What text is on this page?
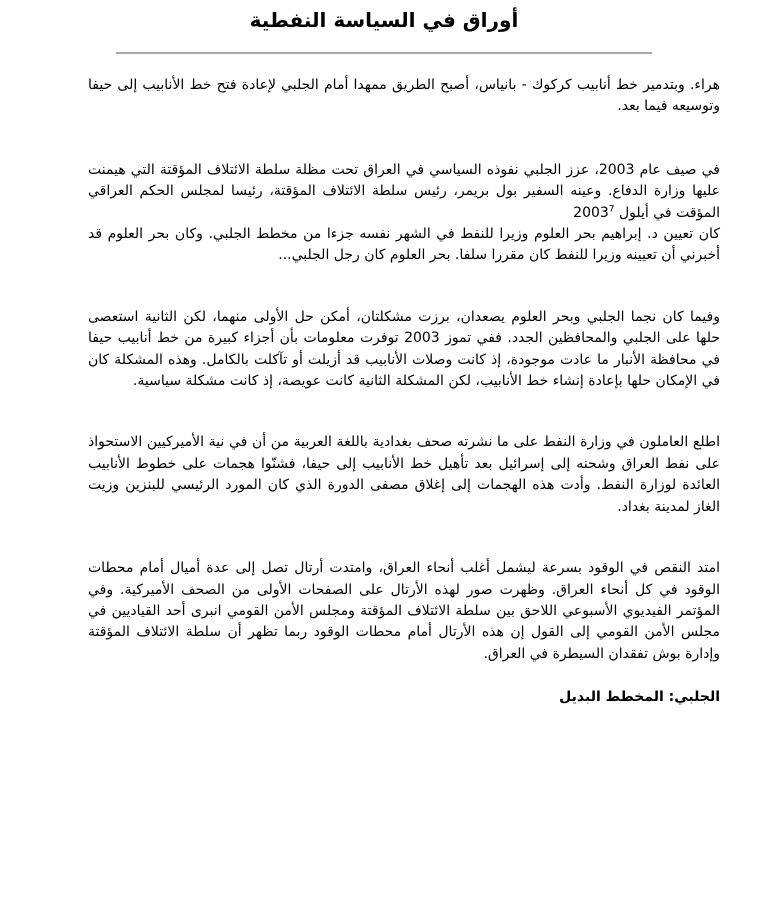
أوراق في السياسة النفطية

هراء. وبتدمير خط أنابيب كركوك - بانياس، أصبح الطريق ممهدا أمام الجلبي لإعادة فتح خط الأنابيب إلى حيفا وتوسيعه فيما بعد.

في صيف عام 2003، عزز الجلبي نفوذه السياسي في العراق تحت مظلة سلطة الائتلاف المؤقتة التي هيمنت عليها وزارة الدفاع. وعينه السفير بول بريمر، رئيس سلطة الائتلاف المؤقتة، رئيسا لمجلس الحكم العراقي المؤقت في أيلول 2003$^7$

كان تعيين د. إبراهيم بحر العلوم وزيرا للنفط في الشهر نفسه جزءا من مخطط الجلبي. وكان بحر العلوم قد أخبرني أن تعيينه وزيرا للنفط كان مقررا سلفا. بحر العلوم كان رجل الجلبي...

وفيما كان نجما الجلبي وبحر العلوم يصعدان، برزت مشكلتان، أمكن حل الأولى منهما، لكن الثانية استعصى حلها على الجلبي والمحافظين الجدد. ففي تموز 2003 توفرت معلومات بأن أجزاء كبيرة من خط أنابيب حيفا في محافظة الأنبار ما عادت موجودة، إذ كانت وصلات الأنابيب قد أزيلت أو تآكلت بالكامل. وهذه المشكلة كان في الإمكان حلها بإعادة إنشاء خط الأنابيب، لكن المشكلة الثانية كانت عويصة، إذ كانت مشكلة سياسية.

اطلع العاملون في وزارة النفط على ما نشرته صحف بغدادية باللغة العربية من أن في نية الأميركيين الاستحواذ على نفط العراق وشحنه إلى إسرائيل بعد تأهيل خط الأنابيب إلى حيفا، فشنّوا هجمات على خطوط الأنابيب العائدة لوزارة النفط. وأدت هذه الهجمات إلى إغلاق مصفى الدورة الذي كان المورد الرئيسي للبنزين وزيت الغاز لمدينة بغداد.

امتد النقص في الوقود بسرعة ليشمل أغلب أنحاء العراق، وامتدت أرتال تصل إلى عدة أميال أمام محطات الوقود في كل أنحاء العراق. وظهرت صور لهذه الأرتال على الصفحات الأولى من الصحف الأميركية. وفي المؤتمر الفيديوي الأسبوعي اللاحق بين سلطة الائتلاف المؤقتة ومجلس الأمن القومي انبرى أحد القياديين في مجلس الأمن القومي إلى القول إن هذه الأرتال أمام محطات الوقود ربما تظهر أن سلطة الائتلاف المؤقتة وإدارة بوش تفقدان السيطرة في العراق.

الجلبي: المخطط البديل
